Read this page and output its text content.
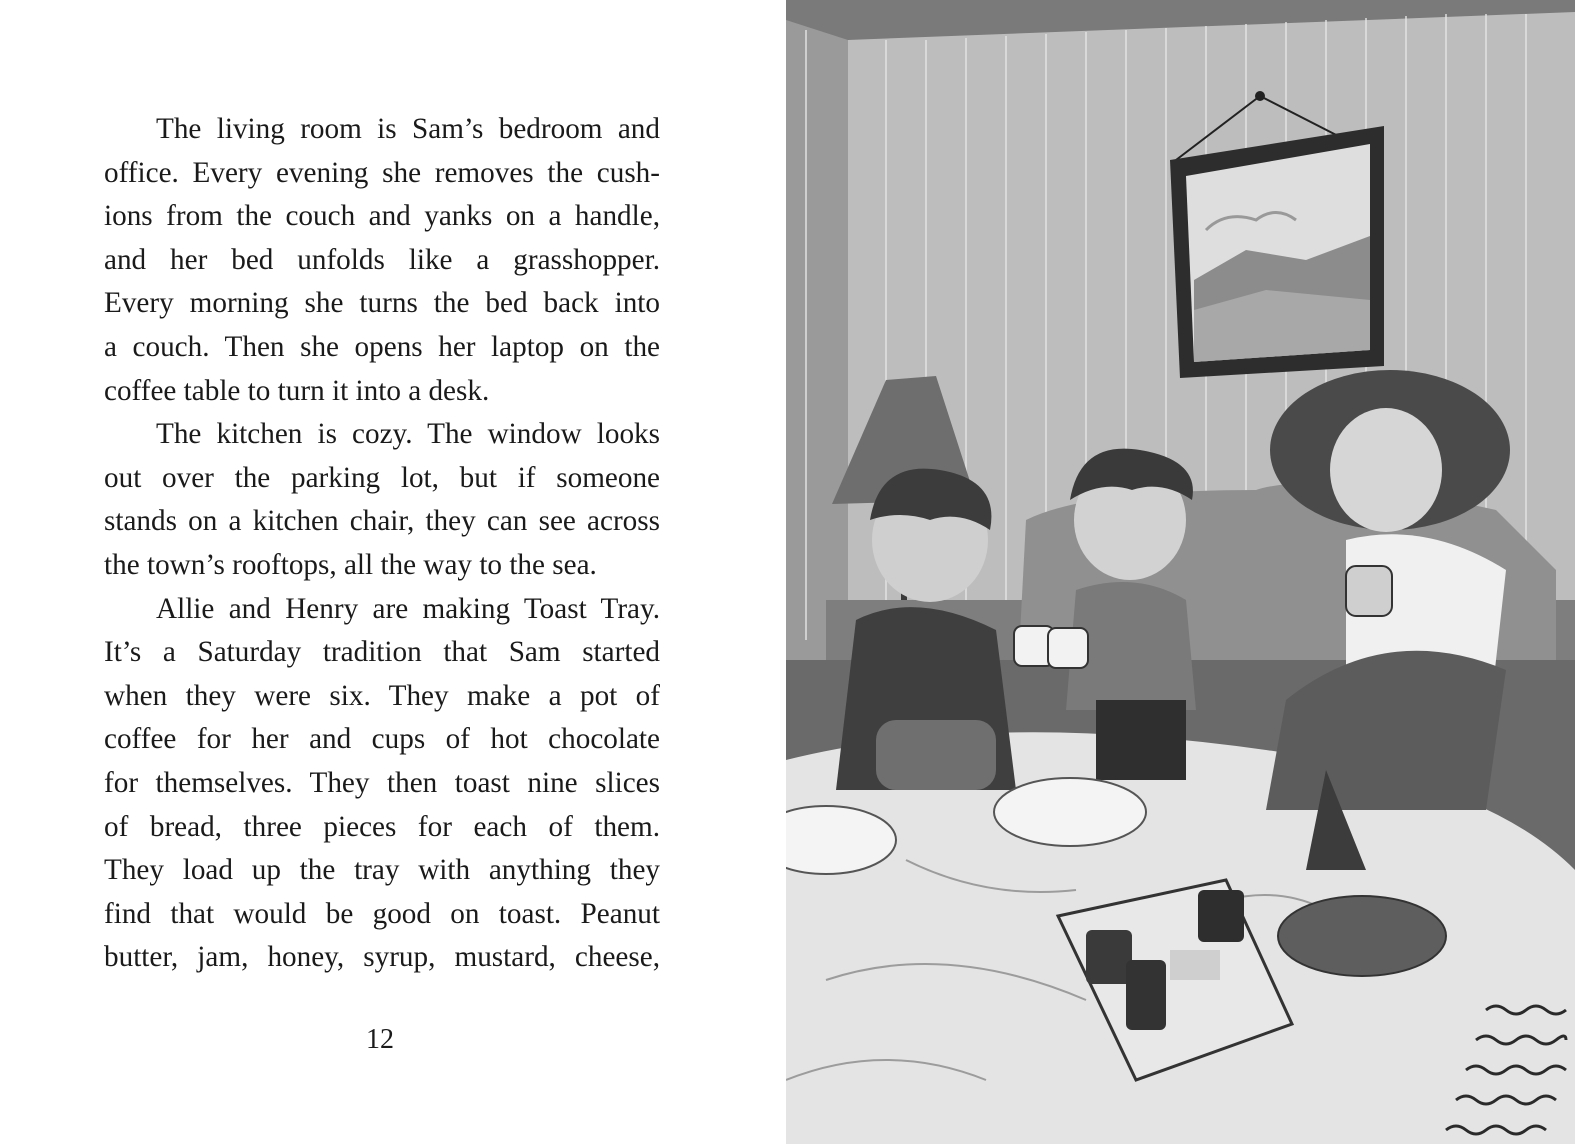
The living room is Sam’s bedroom and
office. Every evening she removes the cush-
ions from the couch and yanks on a handle,
and her bed unfolds like a grasshopper.
Every morning she turns the bed back into
a couch. Then she opens her laptop on the
coffee table to turn it into a desk.
The kitchen is cozy. The window looks
out over the parking lot, but if someone
stands on a kitchen chair, they can see across
the town’s rooftops, all the way to the sea.
Allie and Henry are making Toast Tray.
It’s a Saturday tradition that Sam started
when they were six. They make a pot of
coffee for her and cups of hot chocolate
for themselves. They then toast nine slices
of bread, three pieces for each of them.
They load up the tray with anything they
find that would be good on toast. Peanut
butter, jam, honey, syrup, mustard, cheese,
12
